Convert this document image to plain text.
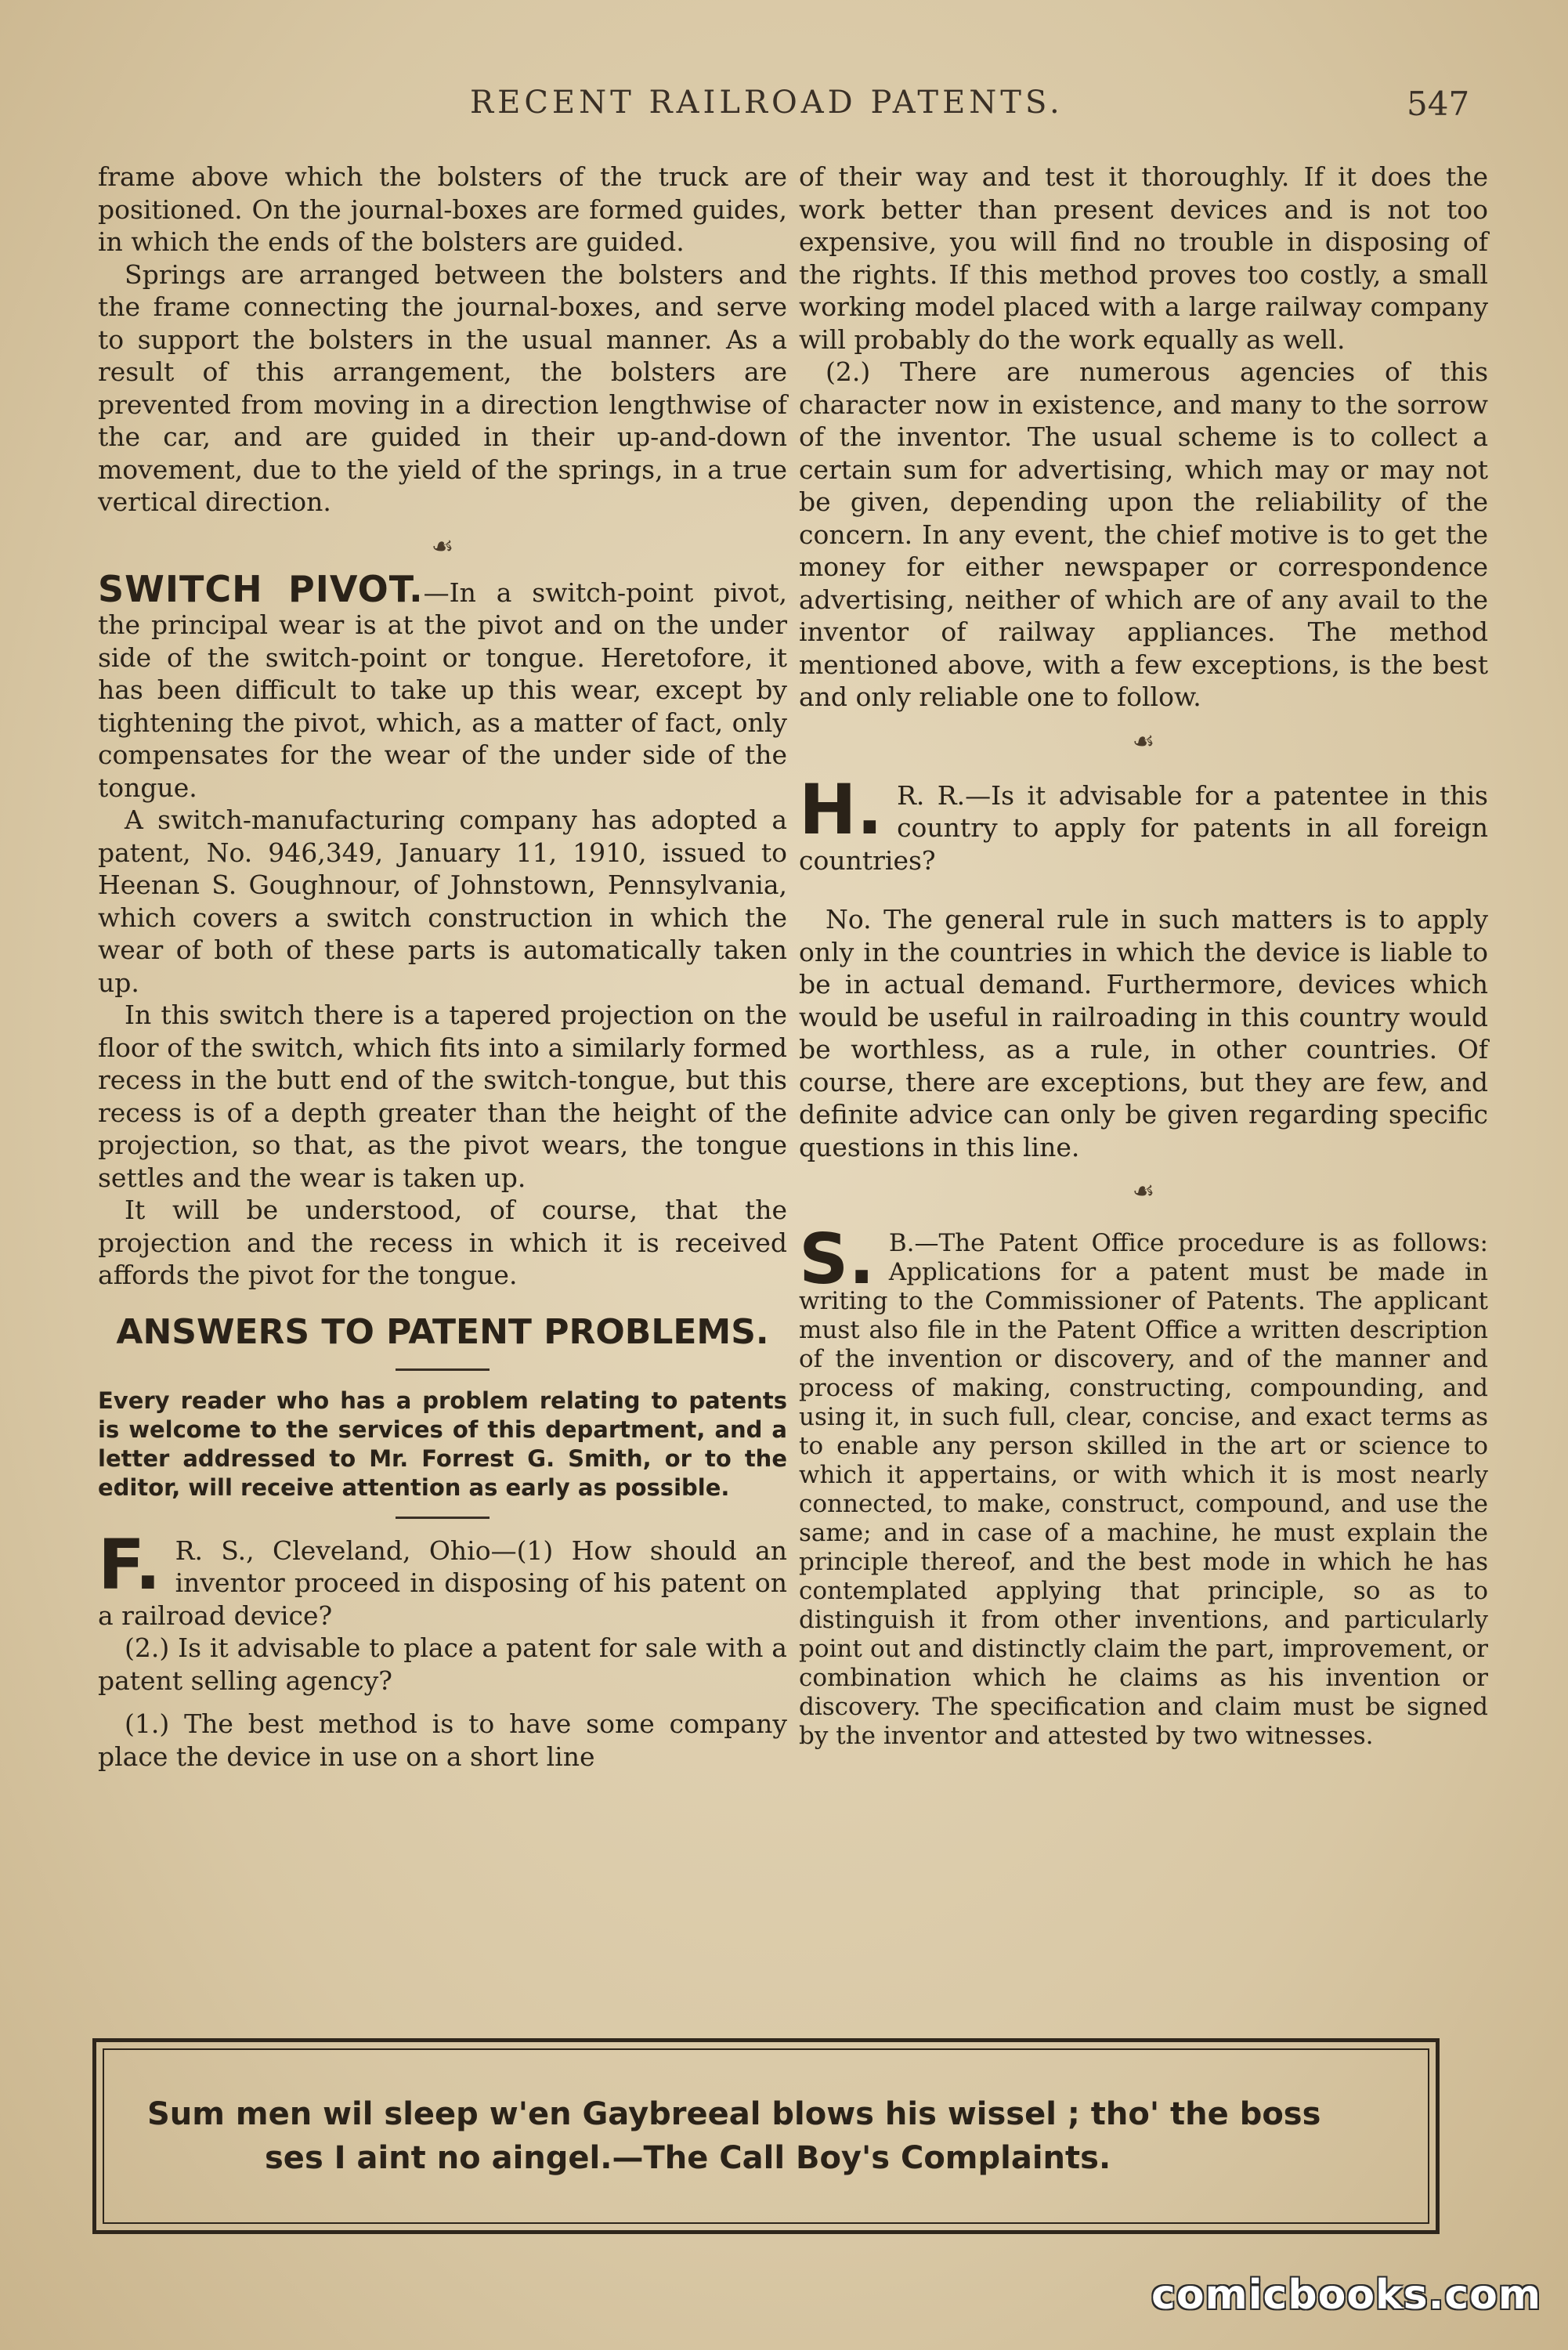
RECENT RAILROAD PATENTS.	547

frame above which the bolsters of the truck are positioned. On the journal-boxes are formed guides, in which the ends of the bolsters are guided.

Springs are arranged between the bolsters and the frame connecting the journal-boxes, and serve to support the bolsters in the usual manner. As a result of this arrangement, the bolsters are prevented from moving in a direction lengthwise of the car, and are guided in their up-and-down movement, due to the yield of the springs, in a true vertical direction.

☙

SWITCH PIVOT.—In a switch-point pivot, the principal wear is at the pivot and on the under side of the switch-point or tongue. Heretofore, it has been difficult to take up this wear, except by tightening the pivot, which, as a matter of fact, only compensates for the wear of the under side of the tongue.

A switch-manufacturing company has adopted a patent, No. 946,349, January 11, 1910, issued to Heenan S. Goughnour, of Johnstown, Pennsylvania, which covers a switch construction in which the wear of both of these parts is automatically taken up.

In this switch there is a tapered projection on the floor of the switch, which fits into a similarly formed recess in the butt end of the switch-tongue, but this recess is of a depth greater than the height of the projection, so that, as the pivot wears, the tongue settles and the wear is taken up.

It will be understood, of course, that the projection and the recess in which it is received affords the pivot for the tongue.

ANSWERS TO PATENT PROBLEMS.

Every reader who has a problem relating to patents is welcome to the services of this department, and a letter addressed to Mr. Forrest G. Smith, or to the editor, will receive attention as early as possible.

F. R. S., Cleveland, Ohio—(1) How should an inventor proceed in disposing of his patent on a railroad device?

(2.) Is it advisable to place a patent for sale with a patent selling agency?

(1.) The best method is to have some company place the device in use on a short line

of their way and test it thoroughly. If it does the work better than present devices and is not too expensive, you will find no trouble in disposing of the rights. If this method proves too costly, a small working model placed with a large railway company will probably do the work equally as well.

(2.) There are numerous agencies of this character now in existence, and many to the sorrow of the inventor. The usual scheme is to collect a certain sum for advertising, which may or may not be given, depending upon the reliability of the concern. In any event, the chief motive is to get the money for either newspaper or correspondence advertising, neither of which are of any avail to the inventor of railway appliances. The method mentioned above, with a few exceptions, is the best and only reliable one to follow.

☙
H. R. R.—Is it advisable for a patentee in this country to apply for patents in all foreign countries?

No. The general rule in such matters is to apply only in the countries in which the device is liable to be in actual demand. Furthermore, devices which would be useful in railroading in this country would be worthless, as a rule, in other countries. Of course, there are exceptions, but they are few, and definite advice can only be given regarding specific questions in this line.

☙
S. B.—The Patent Office procedure is as follows: Applications for a patent must be made in writing to the Commissioner of Patents. The applicant must also file in the Patent Office a written description of the invention or discovery, and of the manner and process of making, constructing, compounding, and using it, in such full, clear, concise, and exact terms as to enable any person skilled in the art or science to which it appertains, or with which it is most nearly connected, to make, construct, compound, and use the same; and in case of a machine, he must explain the principle thereof, and the best mode in which he has contemplated applying that principle, so as to distinguish it from other inventions, and particularly point out and distinctly claim the part, improvement, or combination which he claims as his invention or discovery. The specification and claim must be signed by the inventor and attested by two witnesses.

Sum men wil sleep w'en Gaybreeal blows his wissel ; tho' the boss
ses I aint no aingel.—The Call Boy's Complaints.
comicbooks.com
